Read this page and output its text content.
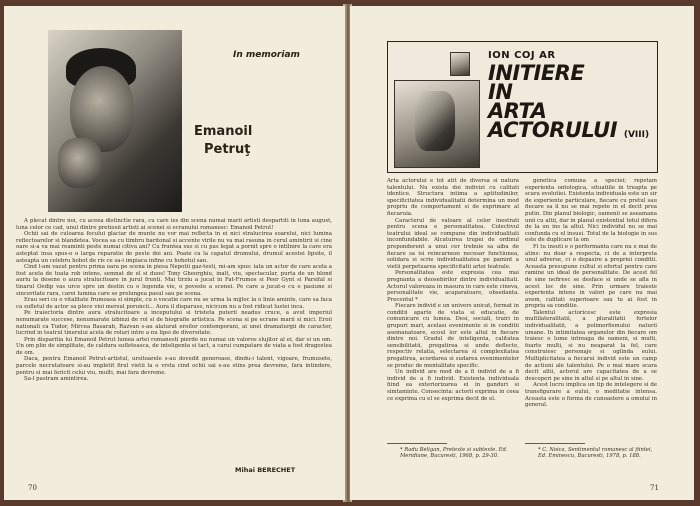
In memoriam
Emanoil
Petruţ

A plecat dintre noi, cu aceea distinctie rara, cu care ies din scena numai marii artisti despartiti in luna august, luna celor ce cad, unul dintre pretiosii artisti ai scenei si ecranului romanesc: Emanoil Petrut!

Ochii sai de culoarea focului glaciar de munte nu vor mai reflecta in ei nici stralucirea soarelui, nici lumina reflectoarelor si blandetea. Vocea sa cu timbru baritonal si accente virile nu va mai rasuna in cerul amintirii si cine oare si-a va mai reaminti peste numai citiva ani? Cu fruntea sus si cu pas legat a pornit spre o intilnire la care era asteptat insa spus-o o larga reparatie de peste doi ani. Poate ca la capatul drumului, drumul acestei lipsite, il asteapta un celebru hohot de ris ce sa-i impiaca infine cu hohotul san.

Cind l-am vazut pentru prima oara pe scena in piesa Nepotii gaz-testi, mi-am spus: iata un actor de care acela a fost acela de toata rob intens, semnat de el si duos! Tony Gheorghiu, inalt, viu, spectacular, purta de un blond auriu la desene o aura stralucitoare in jurul frunti. Mai tirziu a jucat in Fat-Frumos si Peer Gynt si Parsifal si tinarul Oedip vas urce spre un destin cu o legenda vie, o poveste a scenei. Pe care a jucat-o cu o pasiune si sinceritate rara, carei lumina care se prelungea pasul sau pe scena.

Erau seri cu o vitalitate frumoasa si simple, cu o vocatie care nu se urma la mijloc la o linie aminte, care sa faca ca sufletul de actor sa plece vioi mersul poruncii... Aura il disparuse, nicicum nu a fost ridicat lustei inca.

Pe traiectoria dintre aura stralucitoare a inceputului si tristeta puterii neadus cruce, a avut imperiul nenumarate succese, nenumarate izbinzi de rol si de biografie artistica. Pe scena si pe ecrane marii si mici. Eroii nationali ca Tudor, Mircea Basarab, Razvan s-au alaturat eroilor contemporani, ai unei dramaturgii de caracter, lucrind in teatrul tinerului acela de roluri intre a nu lipsi de diversitate.

Prin disparitia lui Emanoil Petrut lumea artei romanesti pierde nu numai un valoros slujitor al ei, dar si un om. Un om plin de simplitate, de caldura sufleteasca, de inteligenta si tact, a carui cumpatare de viata a fost dragostea de om.

Daca, pentru Emanoil Petrut-artistul, ursitoarele s-au dovedit generoase, dindu-i talent, vigoare, frumusete, parcele necrutatoare si-au impletit firul vietii la o vrsta cind ochii sai s-au stins prea devreme, fara intindere, pentru si mai fericit celui viu, multi, mai fara devreme.

Sa-l pastram amintirea.

Mihai BERECHET
70
ION COJ AR
INITIERE
IN
ARTA
ACTORULUI (VIII)

Arta actorului e tot atit de diversa si natura talentului. Nu exista doi indivizi cu calitati identice. Structura intima a aptitudinilor, specificitatea individualitatii determina un mod propriu de comportament si de exprimare al fiecaruia.

Caracterul de valoare al celor inestrati pentru scena e personalitatea. Colectivul teatrului ideal se compune din individualitati inconfundabile. Alcatuirea trupei de ordinul preponderent a unui cer trebuie sa aiba de fiecare sa isi reincarneze necesar functiunea, solidara si scrie individualitatea pe pamint a vietii perpetuarea specificitatii artei teatrale.

Personalitatea este expresia cea mai pregnanta a deosebirilor dintre individualitati. Actorul valoreaza in masura in care este cineva, personalitate vie, acaparatoare, obsedanta. Precentul *

Fiecare individ e un univers unicat, format in conditii aparte de viata si educatie, de comunicare cu lumea. Desi, sociali, trairi in grupuri mari, acelasi evenimente si in conditii asemanatoare, ecoul lor este altul in fiecare dintre noi. Gradul de inteligenta, calitatea sensibilitatii, pregatirea si unde deflecte, respectiv relatia, selectarea si complexitatea pregatirea, acordarea si sudarea evenimentelor se produc de mentalitate specific.

Un individ are mod de a fi individ de a fi individ de a fi individ. Existenta individuala fiind ea exteriorizarea ei in ganduri si simtaminte. Consecinta: actorii exprima in ceea ce exprima cu el se exprima decit de el.

genetica comuna a speciei; repetam experienta ontologica, situatiile in treapta pe scara evolutiei. Existenta individuala este un sir de experiente particulare, fiecare cu pretul sau fiecare sa il nu se mai repete in el decit prea putin. Din planul biologic, oamenii se aseamana unii cu altii, dar in planul existential totul difera de la un ins la altul. Nici individul nu se mai confunda cu el insusi. Totul de la biologie in sus este de duplicare la om

Fi tu insuti e o performanta care nu e mai de atins: nu doar a respecta, ci de a interpreta unul adverse, ci o depasire a propriei conditii. Aceasta presupune cultul si efortul pentru care ramine un ideal de personalitate. De acest fel de sine nefiresc se desface si unde se afla in acest loc de sine. Prin urmare traieste experienta intens in valori pe care nu mai avem, calitati superioare sau tu ai fost in propria sa conditie.

Talentul actoricesc este expresia multilateralitatii, a pluralitatii fortelor individualitatii, a polimorfismului naturii umane. In intimitatea organelor din fiecare om traiesc o lume intreaga de oameni, si multi, foarte multi, si nu neaparat la fel, care construiesc personaje si oglinda eului. Multiplicitatea a fiecarui individ este un camp de actiuni ale talentului. Pe o mai mare scara decit altii, actorul are capacitatea de a se descoperi pe sine in altul si pe altul in sine.

Acest lucru implica un tip de intelegere si de transfigurare a eului, o meditatie intensa. Aceasta este o forma de cunoastere a omului in general.

* Radu Beligan, Pretexte si subtexte, Ed. Meridiane, Bucuresti, 1968, p. 29-30.
* C. Noica, Sentimentul romanesc al fiintei, Ed. Eminescu, Bucuresti, 1978, p. 188.
71
